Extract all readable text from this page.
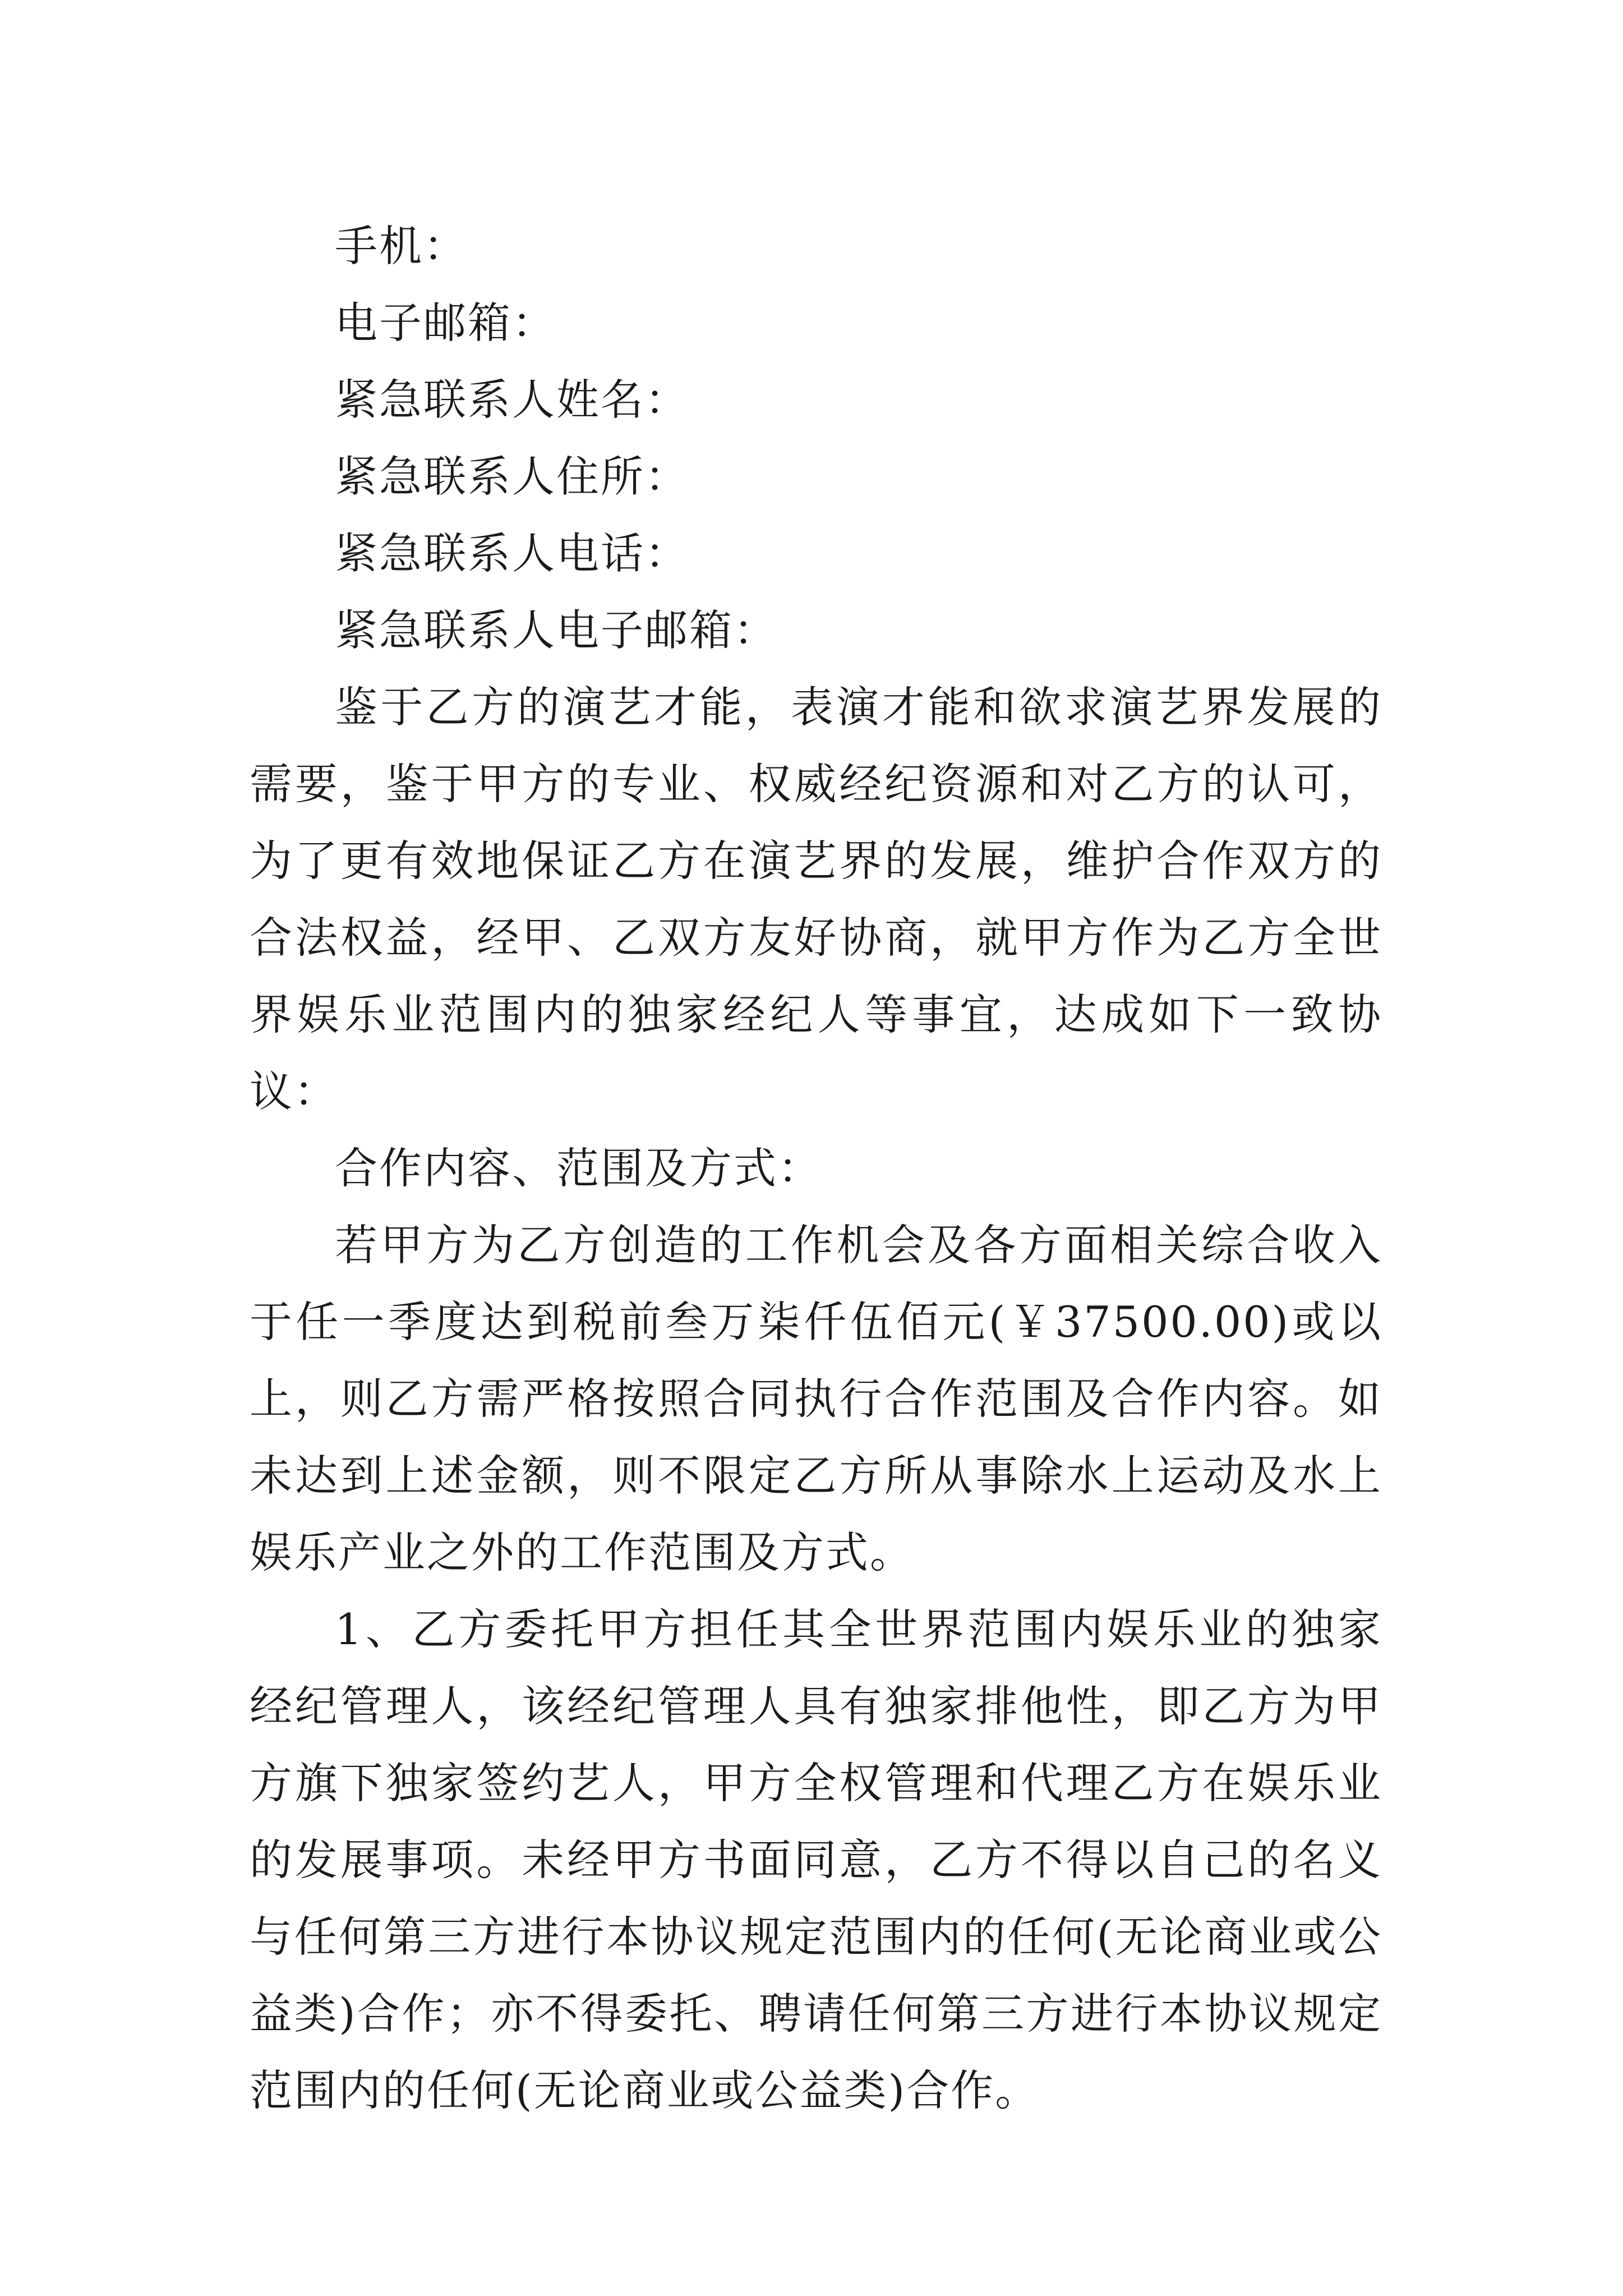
手机：

电子邮箱：

紧急联系人姓名：

紧急联系人住所：

紧急联系人电话：

紧急联系人电子邮箱：

鉴于乙方的演艺才能，表演才能和欲求演艺界发展的需要，鉴于甲方的专业、权威经纪资源和对乙方的认可，为了更有效地保证乙方在演艺界的发展，维护合作双方的合法权益，经甲、乙双方友好协商，就甲方作为乙方全世界娱乐业范围内的独家经纪人等事宜，达成如下一致协议：

合作内容、范围及方式：

若甲方为乙方创造的工作机会及各方面相关综合收入于任一季度达到税前叁万柒仟伍佰元(￥37500.00)或以上，则乙方需严格按照合同执行合作范围及合作内容。如未达到上述金额，则不限定乙方所从事除水上运动及水上娱乐产业之外的工作范围及方式。

1、乙方委托甲方担任其全世界范围内娱乐业的独家经纪管理人，该经纪管理人具有独家排他性，即乙方为甲方旗下独家签约艺人，甲方全权管理和代理乙方在娱乐业的发展事项。未经甲方书面同意，乙方不得以自己的名义与任何第三方进行本协议规定范围内的任何(无论商业或公益类)合作；亦不得委托、聘请任何第三方进行本协议规定范围内的任何(无论商业或公益类)合作。
